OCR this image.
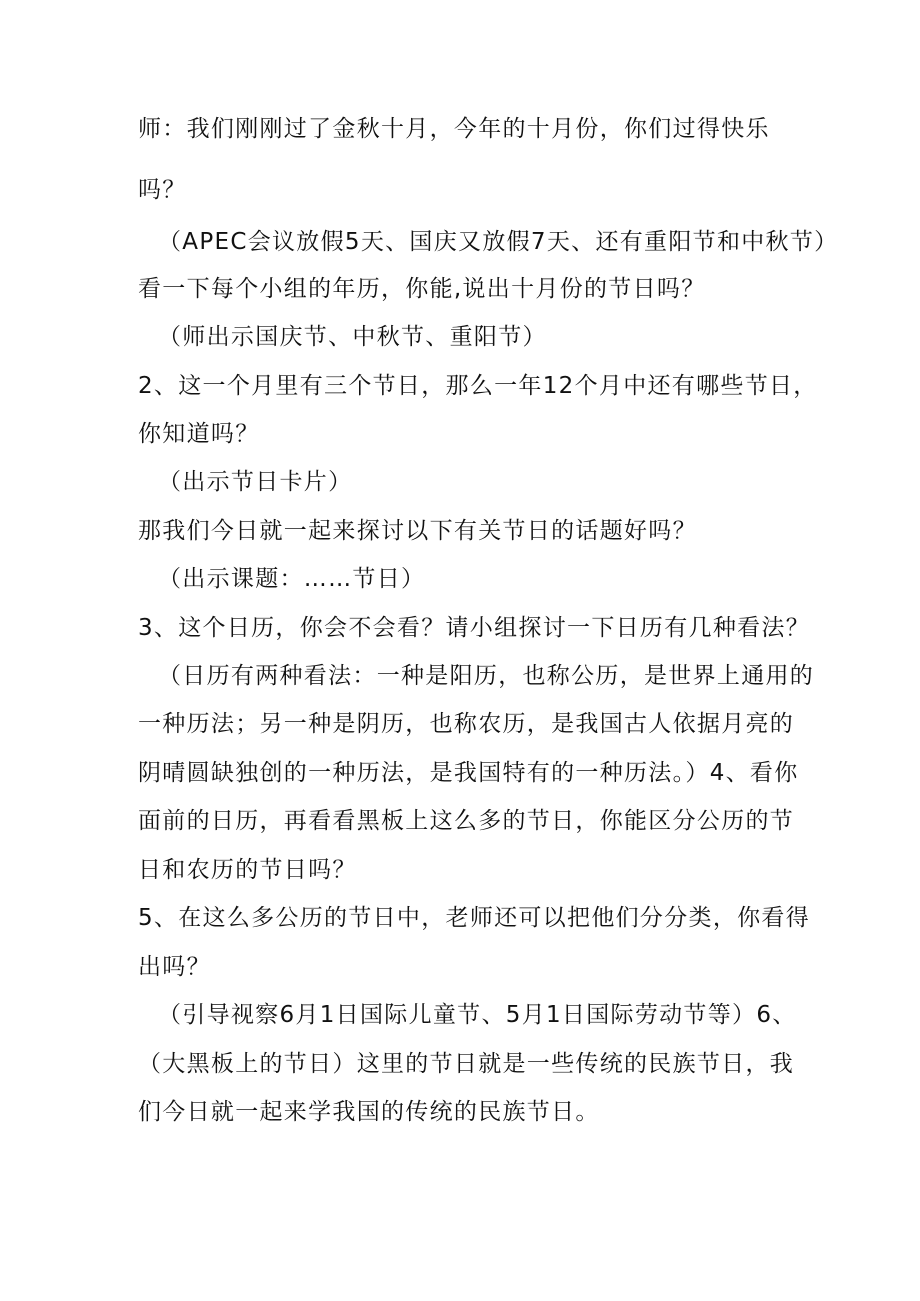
师：我们刚刚过了金秋十月，今年的十月份，你们过得快乐

吗？

（APEC会议放假5天、国庆又放假7天、还有重阳节和中秋节）

看一下每个小组的年历，你能,说出十月份的节日吗？

（师出示国庆节、中秋节、重阳节）

2、这一个月里有三个节日，那么一年12个月中还有哪些节日，

你知道吗？

（出示节日卡片）

那我们今日就一起来探讨以下有关节日的话题好吗？

（出示课题：……节日）

3、这个日历，你会不会看？请小组探讨一下日历有几种看法？

（日历有两种看法：一种是阳历，也称公历，是世界上通用的

一种历法；另一种是阴历，也称农历，是我国古人依据月亮的

阴晴圆缺独创的一种历法，是我国特有的一种历法。）4、看你

面前的日历，再看看黑板上这么多的节日，你能区分公历的节

日和农历的节日吗？

5、在这么多公历的节日中，老师还可以把他们分分类，你看得

出吗？

（引导视察6月1日国际儿童节、5月1日国际劳动节等）6、

（大黑板上的节日）这里的节日就是一些传统的民族节日，我

们今日就一起来学我国的传统的民族节日。
